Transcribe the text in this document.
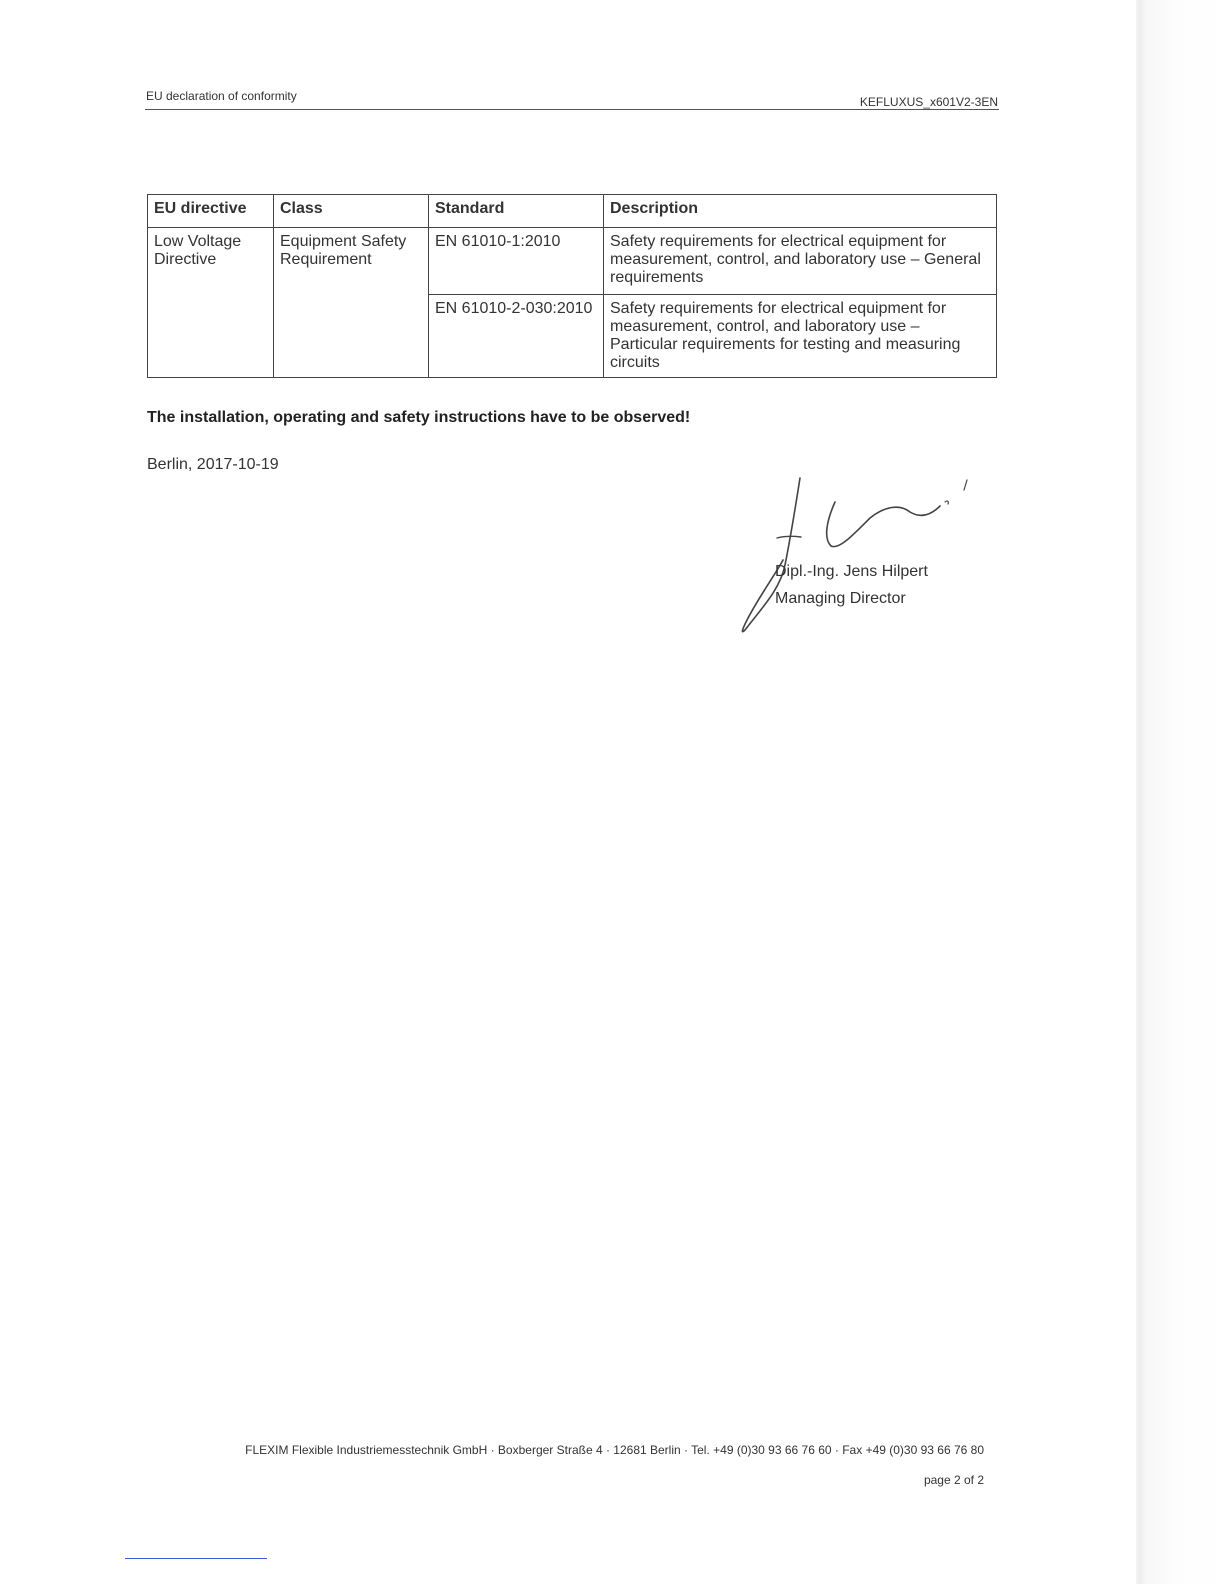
EU declaration of conformity	KEFLUXUS_x601V2-3EN
EU directive	Class	Standard	Description
Low Voltage Directive	Equipment Safety Requirement	EN 61010-1:2010	Safety requirements for electrical equipment for measurement, control, and laboratory use – General requirements
		EN 61010-2-030:2010	Safety requirements for electrical equipment for measurement, control, and laboratory use – Particular requirements for testing and measuring circuits
The installation, operating and safety instructions have to be observed!
Berlin, 2017-10-19
Dipl.-Ing. Jens Hilpert
Managing Director
FLEXIM Flexible Industriemesstechnik GmbH · Boxberger Straße 4 · 12681 Berlin · Tel. +49 (0)30 93 66 76 60 · Fax +49 (0)30 93 66 76 80
page 2 of 2
